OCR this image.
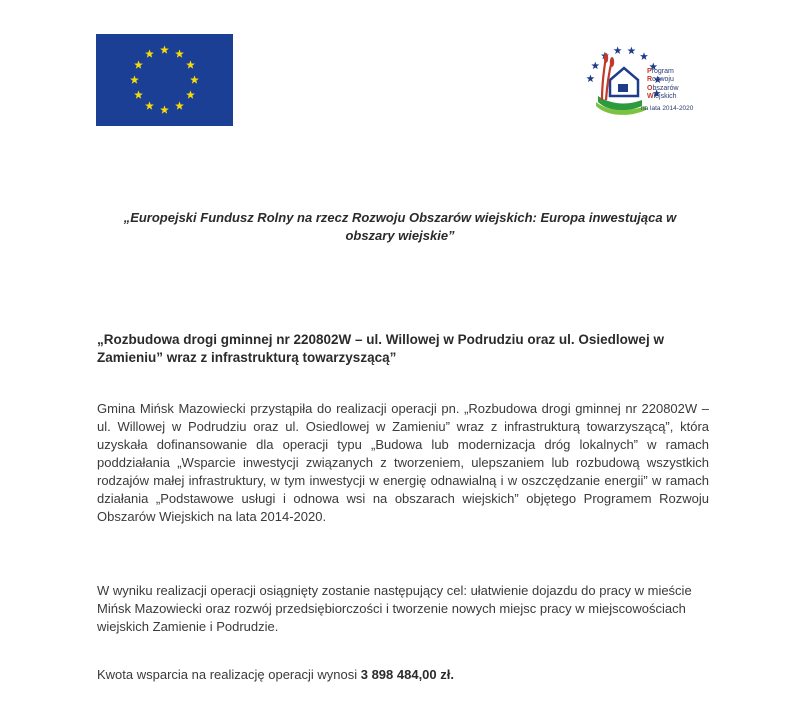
Program
Rozwoju
Obszarów
Wiejskich
na lata 2014-2020
„Europejski Fundusz Rolny na rzecz Rozwoju Obszarów wiejskich: Europa inwestująca w obszary wiejskie”
„Rozbudowa drogi gminnej nr 220802W – ul. Willowej w Podrudziu oraz ul. Osiedlowej w Zamieniu” wraz z infrastrukturą towarzyszącą”
Gmina Mińsk Mazowiecki przystąpiła do realizacji operacji pn. „Rozbudowa drogi gminnej nr 220802W – ul. Willowej w Podrudziu oraz ul. Osiedlowej w Zamieniu” wraz z infrastrukturą towarzyszącą”, która uzyskała dofinansowanie dla operacji typu „Budowa lub modernizacja dróg lokalnych” w ramach poddziałania „Wsparcie inwestycji związanych z tworzeniem, ulepszaniem lub rozbudową wszystkich rodzajów małej infrastruktury, w tym inwestycji w energię odnawialną i w oszczędzanie energii” w ramach działania „Podstawowe usługi i odnowa wsi na obszarach wiejskich” objętego Programem Rozwoju Obszarów Wiejskich na lata 2014-2020.
W wyniku realizacji operacji osiągnięty zostanie następujący cel: ułatwienie dojazdu do pracy w mieście Mińsk Mazowiecki oraz rozwój przedsiębiorczości i tworzenie nowych miejsc pracy w miejscowościach wiejskich Zamienie i Podrudzie.
Kwota wsparcia na realizację operacji wynosi 3 898 484,00 zł.
